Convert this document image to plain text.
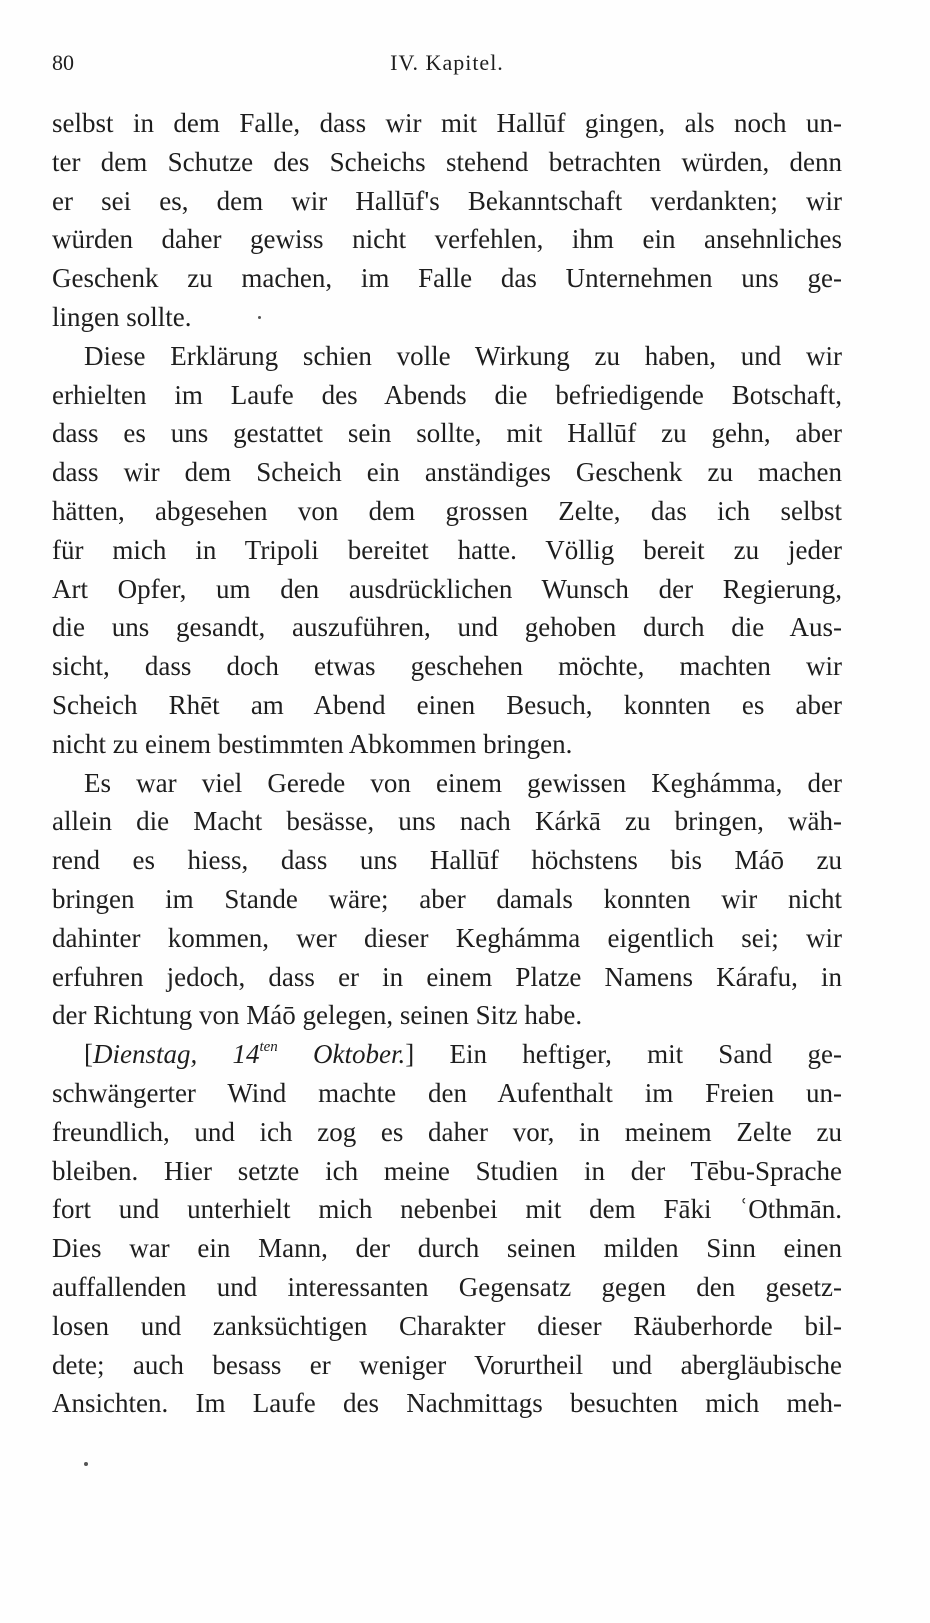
80	IV. Kapitel.
selbst in dem Falle, dass wir mit Hallūf gingen, als noch un-
ter dem Schutze des Scheichs stehend betrachten würden, denn
er sei es, dem wir Hallūf's Bekanntschaft verdankten; wir
würden daher gewiss nicht verfehlen, ihm ein ansehnliches
Geschenk zu machen, im Falle das Unternehmen uns ge-
lingen sollte.
Diese Erklärung schien volle Wirkung zu haben, und wir
erhielten im Laufe des Abends die befriedigende Botschaft,
dass es uns gestattet sein sollte, mit Hallūf zu gehn, aber
dass wir dem Scheich ein anständiges Geschenk zu machen
hätten, abgesehen von dem grossen Zelte, das ich selbst
für mich in Tripoli bereitet hatte. Völlig bereit zu jeder
Art Opfer, um den ausdrücklichen Wunsch der Regierung,
die uns gesandt, auszuführen, und gehoben durch die Aus-
sicht, dass doch etwas geschehen möchte, machten wir
Scheich Rhēt am Abend einen Besuch, konnten es aber
nicht zu einem bestimmten Abkommen bringen.
Es war viel Gerede von einem gewissen Keghámma, der
allein die Macht besässe, uns nach Kárkā zu bringen, wäh-
rend es hiess, dass uns Hallūf höchstens bis Máō zu
bringen im Stande wäre; aber damals konnten wir nicht
dahinter kommen, wer dieser Keghámma eigentlich sei; wir
erfuhren jedoch, dass er in einem Platze Namens Kárafu, in
der Richtung von Máō gelegen, seinen Sitz habe.
[Dienstag, $14^{ten}$ Oktober.] Ein heftiger, mit Sand ge-
schwängerter Wind machte den Aufenthalt im Freien un-
freundlich, und ich zog es daher vor, in meinem Zelte zu
bleiben. Hier setzte ich meine Studien in der Tēbu-Sprache
fort und unterhielt mich nebenbei mit dem Fāki ʿOthmān.
Dies war ein Mann, der durch seinen milden Sinn einen
auffallenden und interessanten Gegensatz gegen den gesetz-
losen und zanksüchtigen Charakter dieser Räuberhorde bil-
dete; auch besass er weniger Vorurtheil und abergläubische
Ansichten. Im Laufe des Nachmittags besuchten mich meh-
